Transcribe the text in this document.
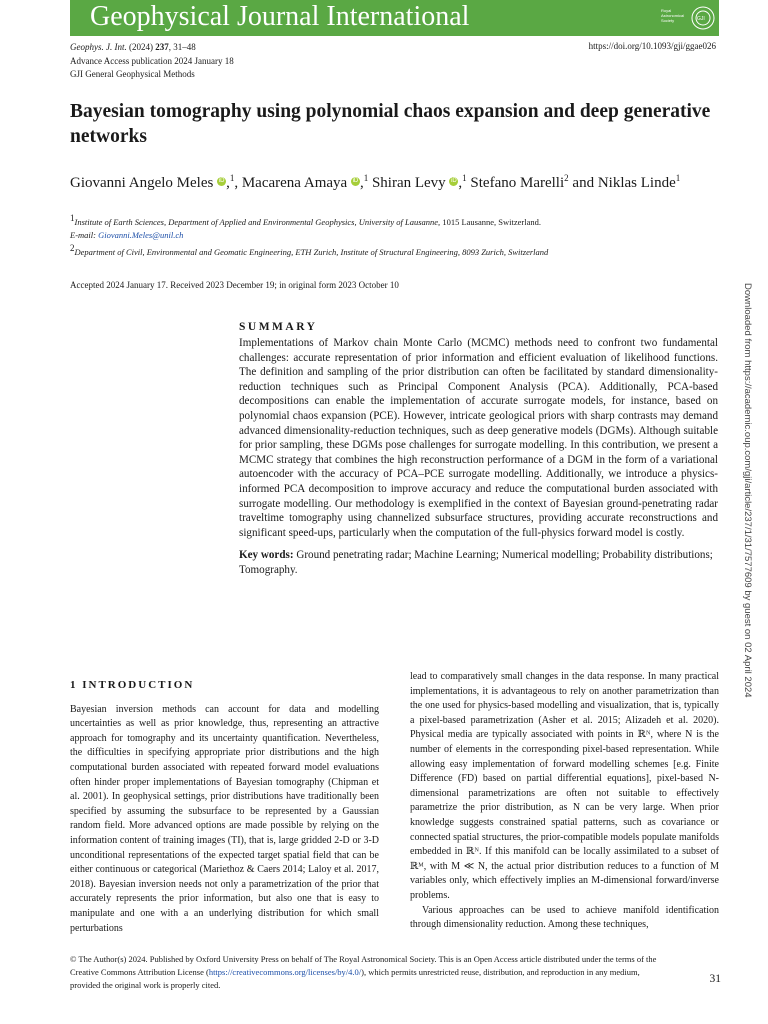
Geophysical Journal International	Royal
Astronomical
Society	GJI
Geophys. J. Int. (2024) 237, 31–48
Advance Access publication 2024 January 18
GJI General Geophysical Methods
https://doi.org/10.1093/gji/ggae026
Bayesian tomography using polynomial chaos expansion and deep generative networks
Giovanni Angelo Meles iD ,$^1$, Macarena Amaya iD ,$^1$ Shiran Levy iD ,$^1$ Stefano Marelli$^2$ and Niklas Linde$^1$
$^1$Institute of Earth Sciences, Department of Applied and Environmental Geophysics, University of Lausanne, 1015 Lausanne, Switzerland.
E-mail: Giovanni.Meles@unil.ch
$^2$Department of Civil, Environmental and Geomatic Engineering, ETH Zurich, Institute of Structural Engineering, 8093 Zurich, Switzerland
Accepted 2024 January 17. Received 2023 December 19; in original form 2023 October 10
SUMMARY

Implementations of Markov chain Monte Carlo (MCMC) methods need to confront two fundamental challenges: accurate representation of prior information and efficient evaluation of likelihood functions. The definition and sampling of the prior distribution can often be facilitated by standard dimensionality-reduction techniques such as Principal Component Analysis (PCA). Additionally, PCA-based decompositions can enable the implementation of accurate surrogate models, for instance, based on polynomial chaos expansion (PCE). However, intricate geological priors with sharp contrasts may demand advanced dimensionality-reduction techniques, such as deep generative models (DGMs). Although suitable for prior sampling, these DGMs pose challenges for surrogate modelling. In this contribution, we present a MCMC strategy that combines the high reconstruction performance of a DGM in the form of a variational autoencoder with the accuracy of PCA–PCE surrogate modelling. Additionally, we introduce a physics-informed PCA decomposition to improve accuracy and reduce the computational burden associated with surrogate modelling. Our methodology is exemplified in the context of Bayesian ground-penetrating radar traveltime tomography using channelized subsurface structures, providing accurate reconstructions and significant speed-ups, particularly when the computation of the full-physics forward model is costly.

Key words: Ground penetrating radar; Machine Learning; Numerical modelling; Probability distributions; Tomography.
1 INTRODUCTION

Bayesian inversion methods can account for data and modelling uncertainties as well as prior knowledge, thus, representing an attractive approach for tomography and its uncertainty quantification. Nevertheless, the difficulties in specifying appropriate prior distributions and the high computational burden associated with repeated forward model evaluations often hinder proper implementations of Bayesian tomography (Chipman et al. 2001). In geophysical settings, prior distributions have traditionally been specified by assuming the subsurface to be represented by a Gaussian random field. More advanced options are made possible by relying on the information content of training images (TI), that is, large gridded 2-D or 3-D unconditional representations of the expected target spatial field that can be either continuous or categorical (Mariethoz & Caers 2014; Laloy et al. 2017, 2018). Bayesian inversion needs not only a parametrization of the prior that accurately represents the prior information, but also one that is easy to manipulate and one with a an underlying distribution for which small perturbations

lead to comparatively small changes in the data response. In many practical implementations, it is advantageous to rely on another parametrization than the one used for physics-based modelling and visualization, that is, typically a pixel-based parametrization (Asher et al. 2015; Alizadeh et al. 2020). Physical media are typically associated with points in ℝᴺ, where N is the number of elements in the corresponding pixel-based representation. While allowing easy implementation of forward modelling schemes [e.g. Finite Difference (FD) based on partial differential equations], pixel-based N-dimensional parametrizations are often not suitable to effectively parametrize the prior distribution, as N can be very large. When prior knowledge suggests constrained spatial patterns, such as covariance or connected spatial structures, the prior-compatible models populate manifolds embedded in ℝᴺ. If this manifold can be locally assimilated to a subset of ℝᴹ, with M ≪ N, the actual prior distribution reduces to a function of M variables only, which effectively implies an M-dimensional forward/inverse problems.

Various approaches can be used to achieve manifold identification through dimensionality reduction. Among these techniques,

© The Author(s) 2024. Published by Oxford University Press on behalf of The Royal Astronomical Society. This is an Open Access article distributed under the terms of the Creative Commons Attribution License (https://creativecommons.org/licenses/by/4.0/), which permits unrestricted reuse, distribution, and reproduction in any medium, provided the original work is properly cited.	31
Downloaded from https://academic.oup.com/gji/article/237/1/31/7577609 by guest on 02 April 2024
